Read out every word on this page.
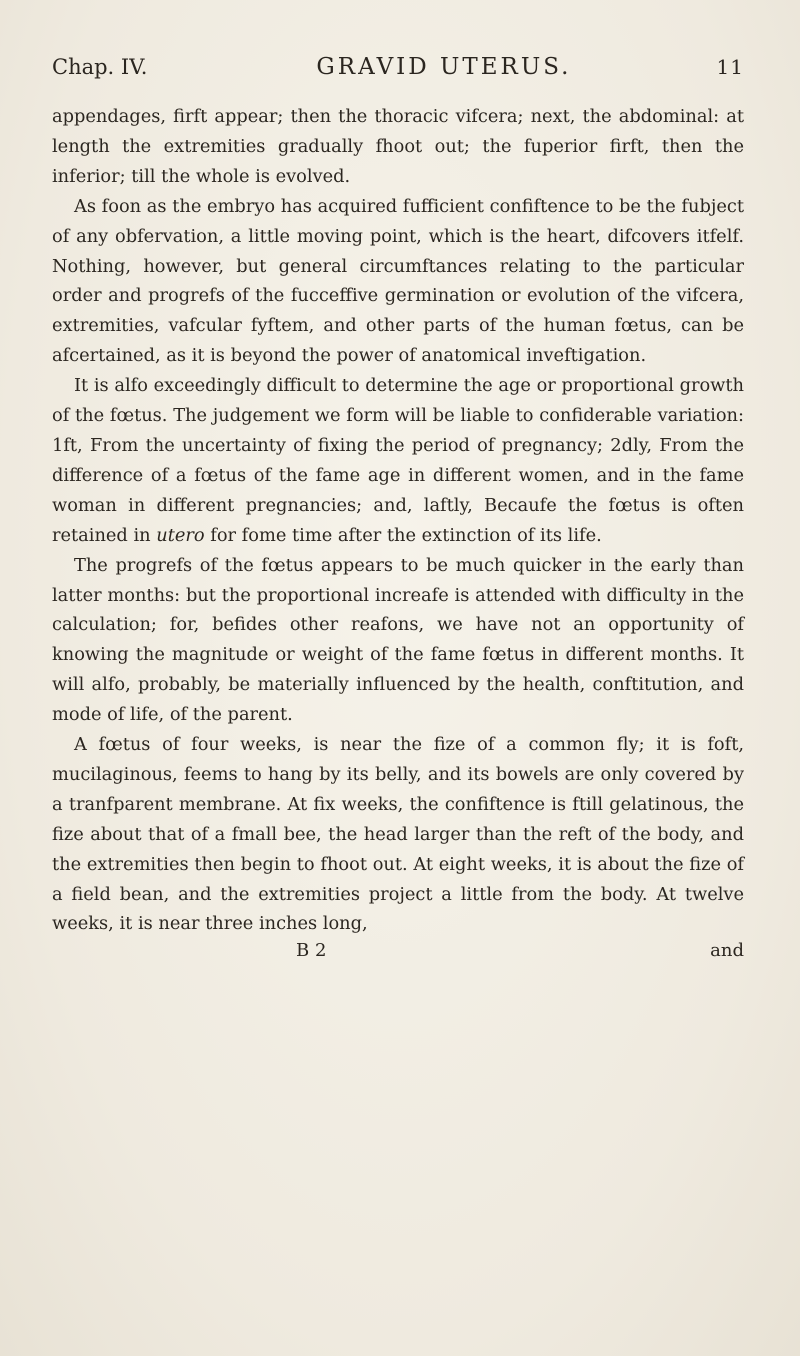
Chap. IV.	GRAVID UTERUS.	11

appendages, firft appear; then the thoracic vifcera; next, the abdominal: at length the extremities gradually fhoot out; the fuperior firft, then the inferior; till the whole is evolved.

As foon as the embryo has acquired fufficient confiftence to be the fubject of any obfervation, a little moving point, which is the heart, difcovers itfelf. Nothing, however, but general circumftances relating to the particular order and progrefs of the fucceffive germination or evolution of the vifcera, extremities, vafcular fyftem, and other parts of the human fœtus, can be afcertained, as it is beyond the power of anatomical inveftigation.

It is alfo exceedingly difficult to determine the age or proportional growth of the fœtus. The judgement we form will be liable to confiderable variation: 1ft, From the uncertainty of fixing the period of pregnancy; 2dly, From the difference of a fœtus of the fame age in different women, and in the fame woman in different pregnancies; and, laftly, Becaufe the fœtus is often retained in utero for fome time after the extinction of its life.

The progrefs of the fœtus appears to be much quicker in the early than latter months: but the proportional increafe is attended with difficulty in the calculation; for, befides other reafons, we have not an opportunity of knowing the magnitude or weight of the fame fœtus in different months. It will alfo, probably, be materially influenced by the health, conftitution, and mode of life, of the parent.

A fœtus of four weeks, is near the fize of a common fly; it is foft, mucilaginous, feems to hang by its belly, and its bowels are only covered by a tranfparent membrane. At fix weeks, the confiftence is ftill gelatinous, the fize about that of a fmall bee, the head larger than the reft of the body, and the extremities then begin to fhoot out. At eight weeks, it is about the fize of a field bean, and the extremities project a little from the body. At twelve weeks, it is near three inches long,

B 2	and
